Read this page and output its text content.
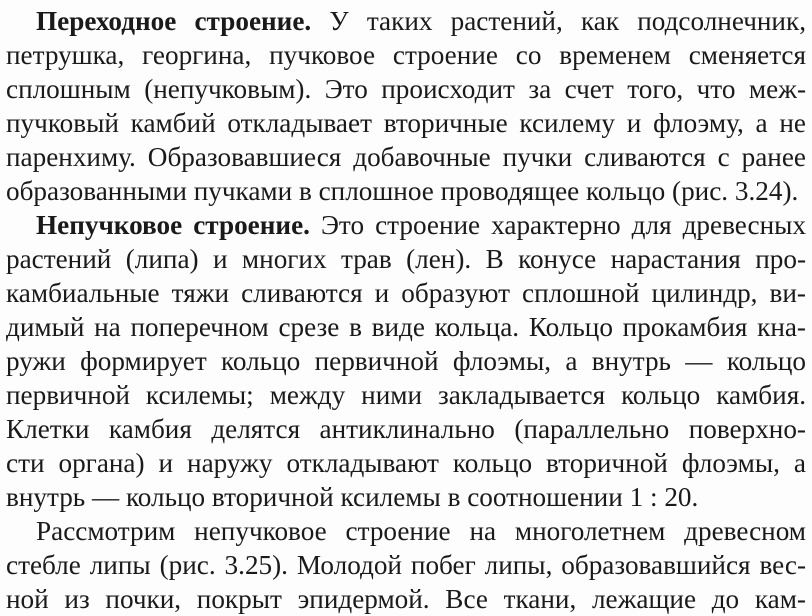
Переходное строение. У таких растений, как подсолнечник,
петрушка, георгина, пучковое строение со временем сменяется
сплошным (непучковым). Это происходит за счет того, что меж-
пучковый камбий откладывает вторичные ксилему и флоэму, а не
паренхиму. Образовавшиеся добавочные пучки сливаются с ранее
образованными пучками в сплошное проводящее кольцо (рис. 3.24).
Непучковое строение. Это строение характерно для древесных
растений (липа) и многих трав (лен). В конусе нарастания про-
камбиальные тяжи сливаются и образуют сплошной цилиндр, ви-
димый на поперечном срезе в виде кольца. Кольцо прокамбия кна-
ружи формирует кольцо первичной флоэмы, а внутрь — кольцо
первичной ксилемы; между ними закладывается кольцо камбия.
Клетки камбия делятся антиклинально (параллельно поверхно-
сти органа) и наружу откладывают кольцо вторичной флоэмы, а
внутрь — кольцо вторичной ксилемы в соотношении 1 : 20.
Рассмотрим непучковое строение на многолетнем древесном
стебле липы (рис. 3.25). Молодой побег липы, образовавшийся вес-
ной из почки, покрыт эпидермой. Все ткани, лежащие до кам-
